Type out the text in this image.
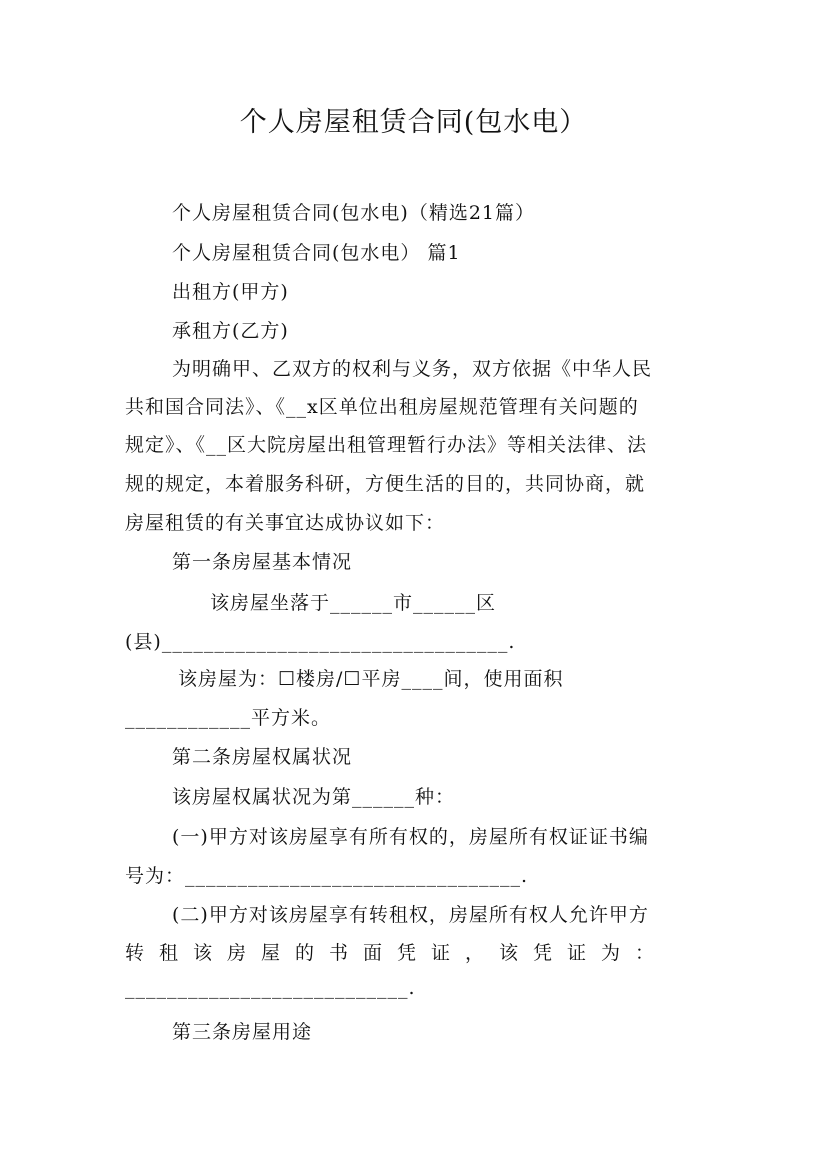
个人房屋租赁合同(包水电）
个人房屋租赁合同(包水电)（精选21篇）
个人房屋租赁合同(包水电） 篇1
出租方(甲方)
承租方(乙方)
为明确甲、乙双方的权利与义务，双方依据《中华人民
共和国合同法》、《__x区单位出租房屋规范管理有关问题的
规定》、《__区大院房屋出租管理暂行办法》等相关法律、法
规的规定，本着服务科研，方便生活的目的，共同协商，就
房屋租赁的有关事宜达成协议如下：
第一条房屋基本情况
该房屋坐落于______市______区
(县)_________________________________.
该房屋为：☐楼房/☐平房____间，使用面积
____________平方米。
第二条房屋权属状况
该房屋权属状况为第______种：
(一)甲方对该房屋享有所有权的，房屋所有权证证书编
号为：________________________________.
(二)甲方对该房屋享有转租权，房屋所有权人允许甲方
转租该房屋的书面凭证，该凭证为：
___________________________.
第三条房屋用途
